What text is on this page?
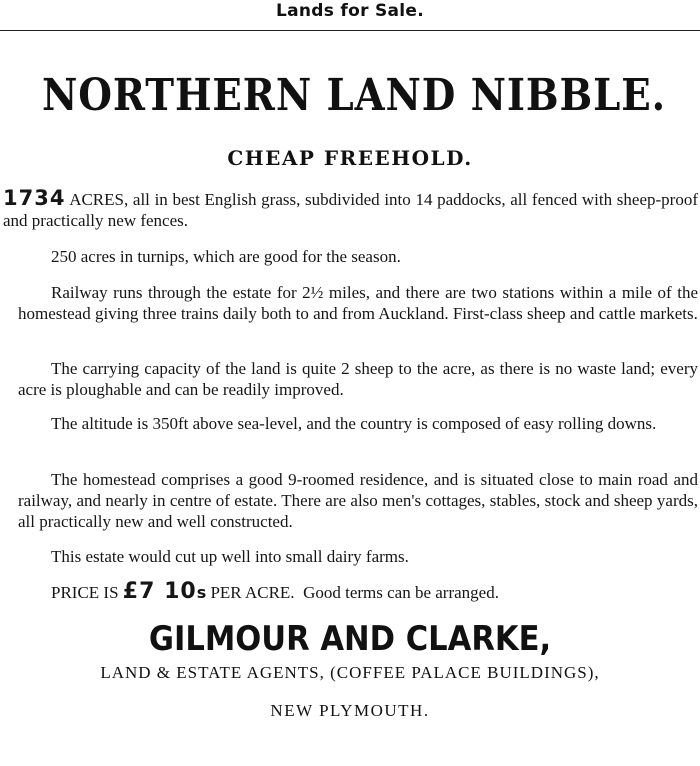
Lands for Sale.
NORTHERN LAND NIBBLE.
CHEAP FREEHOLD.

1734 ACRES, all in best English grass, subdivided into 14 paddocks, all fenced with sheep-proof and practically new fences.

250 acres in turnips, which are good for the season.

Railway runs through the estate for 2½ miles, and there are two stations within a mile of the homestead giving three trains daily both to and from Auckland. First-class sheep and cattle markets.

The carrying capacity of the land is quite 2 sheep to the acre, as there is no waste land; every acre is ploughable and can be readily improved.

The altitude is 350ft above sea-level, and the country is composed of easy rolling downs.

The homestead comprises a good 9-roomed residence, and is situated close to main road and railway, and nearly in centre of estate. There are also men's cottages, stables, stock and sheep yards, all practically new and well constructed.

This estate would cut up well into small dairy farms.

PRICE IS £7 10s PER ACRE. Good terms can be arranged.
GILMOUR AND CLARKE,
LAND & ESTATE AGENTS, (COFFEE PALACE BUILDINGS),
NEW PLYMOUTH.
